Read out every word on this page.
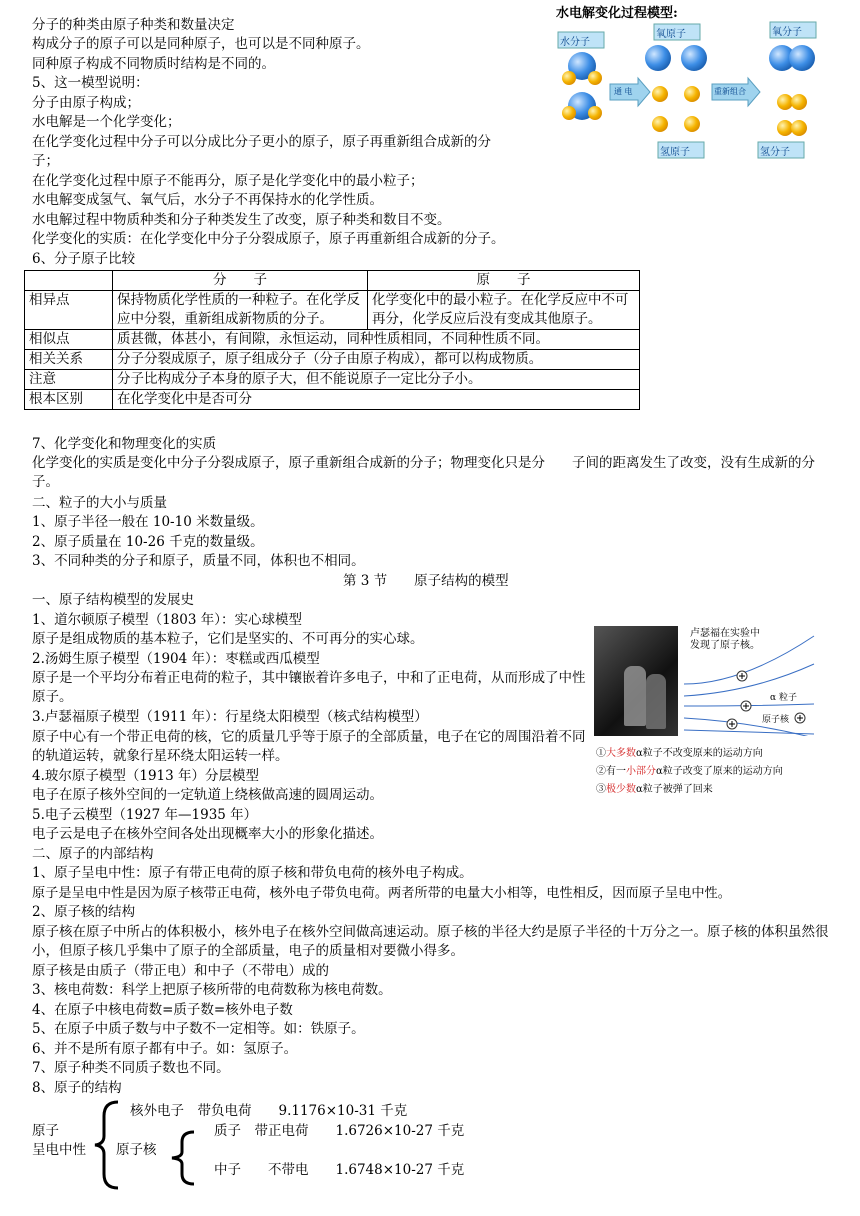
分子的种类由原子种类和数量决定
构成分子的原子可以是同种原子，也可以是不同种原子。
同种原子构成不同物质时结构是不同的。
5、这一模型说明：
分子由原子构成；
水电解是一个化学变化；
在化学变化过程中分子可以分成比分子更小的原子，原子再重新组合成新的分
子；
在化学变化过程中原子不能再分，原子是化学变化中的最小粒子；
水电解变成氢气、氧气后，水分子不再保持水的化学性质。
水电解过程中物质种类和分子种类发生了改变，原子种类和数目不变。
化学变化的实质：在化学变化中分子分裂成原子，原子再重新组合成新的分子。
6、分子原子比较
水电解变化过程模型:
水分子
氧原子	氧分子
氢原子	氢分子
通 电	重新组合
	分　　子	原　　子
相异点	保持物质化学性质的一种粒子。在化学反应中分裂，重新组成新物质的分子。	化学变化中的最小粒子。在化学反应中不可再分，化学反应后没有变成其他原子。
相似点	质甚微，体甚小，有间隙，永恒运动，同种性质相同，不同种性质不同。	
相关关系	分子分裂成原子，原子组成分子（分子由原子构成），都可以构成物质。	
注意	分子比构成分子本身的原子大，但不能说原子一定比分子小。	
根本区别	在化学变化中是否可分	
7、化学变化和物理变化的实质
化学变化的实质是变化中分子分裂成原子，原子重新组合成新的分子；物理变化只是分　　子间的距离发生了改变，没有生成新的分子。
二、粒子的大小与质量
1、原子半径一般在 10-10 米数量级。
2、原子质量在 10-26 千克的数量级。
3、不同种类的分子和原子，质量不同，体积也不相同。
第 3 节　　原子结构的模型
一、原子结构模型的发展史
1、道尔顿原子模型（1803 年）：实心球模型
原子是组成物质的基本粒子，它们是坚实的、不可再分的实心球。
2.汤姆生原子模型（1904 年）：枣糕或西瓜模型
原子是一个平均分布着正电荷的粒子，其中镶嵌着许多电子，中和了正电荷，从而形成了中性原子。
3.卢瑟福原子模型（1911 年）：行星绕太阳模型（核式结构模型）
原子中心有一个带正电荷的核，它的质量几乎等于原子的全部质量，电子在它的周围沿着不同的轨道运转，就象行星环绕太阳运转一样。
4.玻尔原子模型（1913 年）分层模型
电子在原子核外空间的一定轨道上绕核做高速的圆周运动。
5.电子云模型（1927 年—1935 年）
电子云是电子在核外空间各处出现概率大小的形象化描述。
卢瑟福在实验中发现了原子核。
α 粒子
原子核
①大多数α粒子不改变原来的运动方向
②有一小部分α粒子改变了原来的运动方向
③极少数α粒子被弹了回来
二、原子的内部结构
1、原子呈电中性：原子有带正电荷的原子核和带负电荷的核外电子构成。
原子是呈电中性是因为原子核带正电荷，核外电子带负电荷。两者所带的电量大小相等，电性相反，因而原子呈电中性。
2、原子核的结构
原子核在原子中所占的体积极小，核外电子在核外空间做高速运动。原子核的半径大约是原子半径的十万分之一。原子核的体积虽然很小，但原子核几乎集中了原子的全部质量，电子的质量相对要微小得多。
原子核是由质子（带正电）和中子（不带电）成的
3、核电荷数：科学上把原子核所带的电荷数称为核电荷数。
4、在原子中核电荷数=质子数=核外电子数
5、在原子中质子数与中子数不一定相等。如：铁原子。
6、并不是所有原子都有中子。如：氢原子。
7、原子种类不同质子数也不同。
8、原子的结构
原子
呈电中性
核外电子　带负电荷　　9.1176×10-31 千克
原子核
质子　带正电荷　　1.6726×10-27 千克
中子　　不带电　　1.6748×10-27 千克
